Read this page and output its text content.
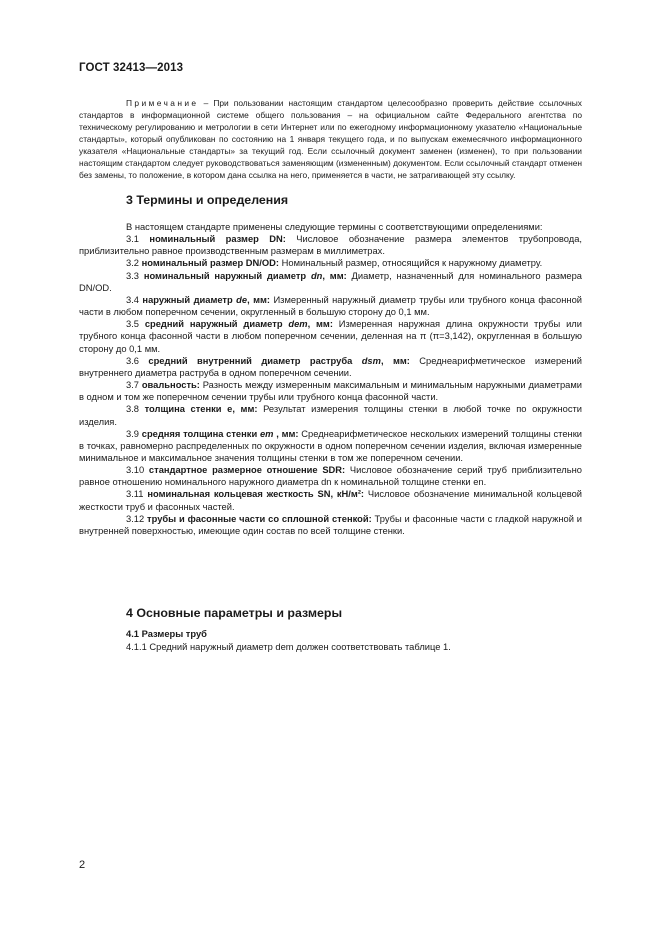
ГОСТ 32413—2013

Примечание – При пользовании настоящим стандартом целесообразно проверить действие ссылочных стандартов в информационной системе общего пользования – на официальном сайте Федерального агентства по техническому регулированию и метрологии в сети Интернет или по ежегодному информационному указателю «Национальные стандарты», который опубликован по состоянию на 1 января текущего года, и по выпускам ежемесячного информационного указателя «Национальные стандарты» за текущий год. Если ссылочный документ заменен (изменен), то при пользовании настоящим стандартом следует руководствоваться заменяющим (измененным) документом. Если ссылочный стандарт отменен без замены, то положение, в котором дана ссылка на него, применяется в части, не затрагивающей эту ссылку.

3 Термины и определения

В настоящем стандарте применены следующие термины с соответствующими определениями:

3.1 номинальный размер DN: Числовое обозначение размера элементов трубопровода, приблизительно равное производственным размерам в миллиметрах.

3.2 номинальный размер DN/OD: Номинальный размер, относящийся к наружному диаметру.

3.3 номинальный наружный диаметр dn, мм: Диаметр, назначенный для номинального размера DN/OD.

3.4 наружный диаметр de, мм: Измеренный наружный диаметр трубы или трубного конца фасонной части в любом поперечном сечении, округленный в большую сторону до 0,1 мм.

3.5 средний наружный диаметр dem, мм: Измеренная наружная длина окружности трубы или трубного конца фасонной части в любом поперечном сечении, деленная на π (π=3,142), округленная в большую сторону до 0,1 мм.

3.6 средний внутренний диаметр раструба dsm, мм: Среднеарифметическое измерений внутреннего диаметра раструба в одном поперечном сечении.

3.7 овальность: Разность между измеренным максимальным и минимальным наружными диаметрами в одном и том же поперечном сечении трубы или трубного конца фасонной части.

3.8 толщина стенки e, мм: Результат измерения толщины стенки в любой точке по окружности изделия.

3.9 средняя толщина стенки em , мм: Среднеарифметическое нескольких измерений толщины стенки в точках, равномерно распределенных по окружности в одном поперечном сечении изделия, включая измеренные минимальное и максимальное значения толщины стенки в том же поперечном сечении.

3.10 стандартное размерное отношение SDR: Числовое обозначение серий труб приблизительно равное отношению номинального наружного диаметра dn к номинальной толщине стенки en.

3.11 номинальная кольцевая жесткость SN, кН/м²: Числовое обозначение минимальной кольцевой жесткости труб и фасонных частей.

3.12 трубы и фасонные части со сплошной стенкой: Трубы и фасонные части с гладкой наружной и внутренней поверхностью, имеющие один состав по всей толщине стенки.

4 Основные параметры и размеры
4.1 Размеры труб

4.1.1 Средний наружный диаметр dem должен соответствовать таблице 1.

2
